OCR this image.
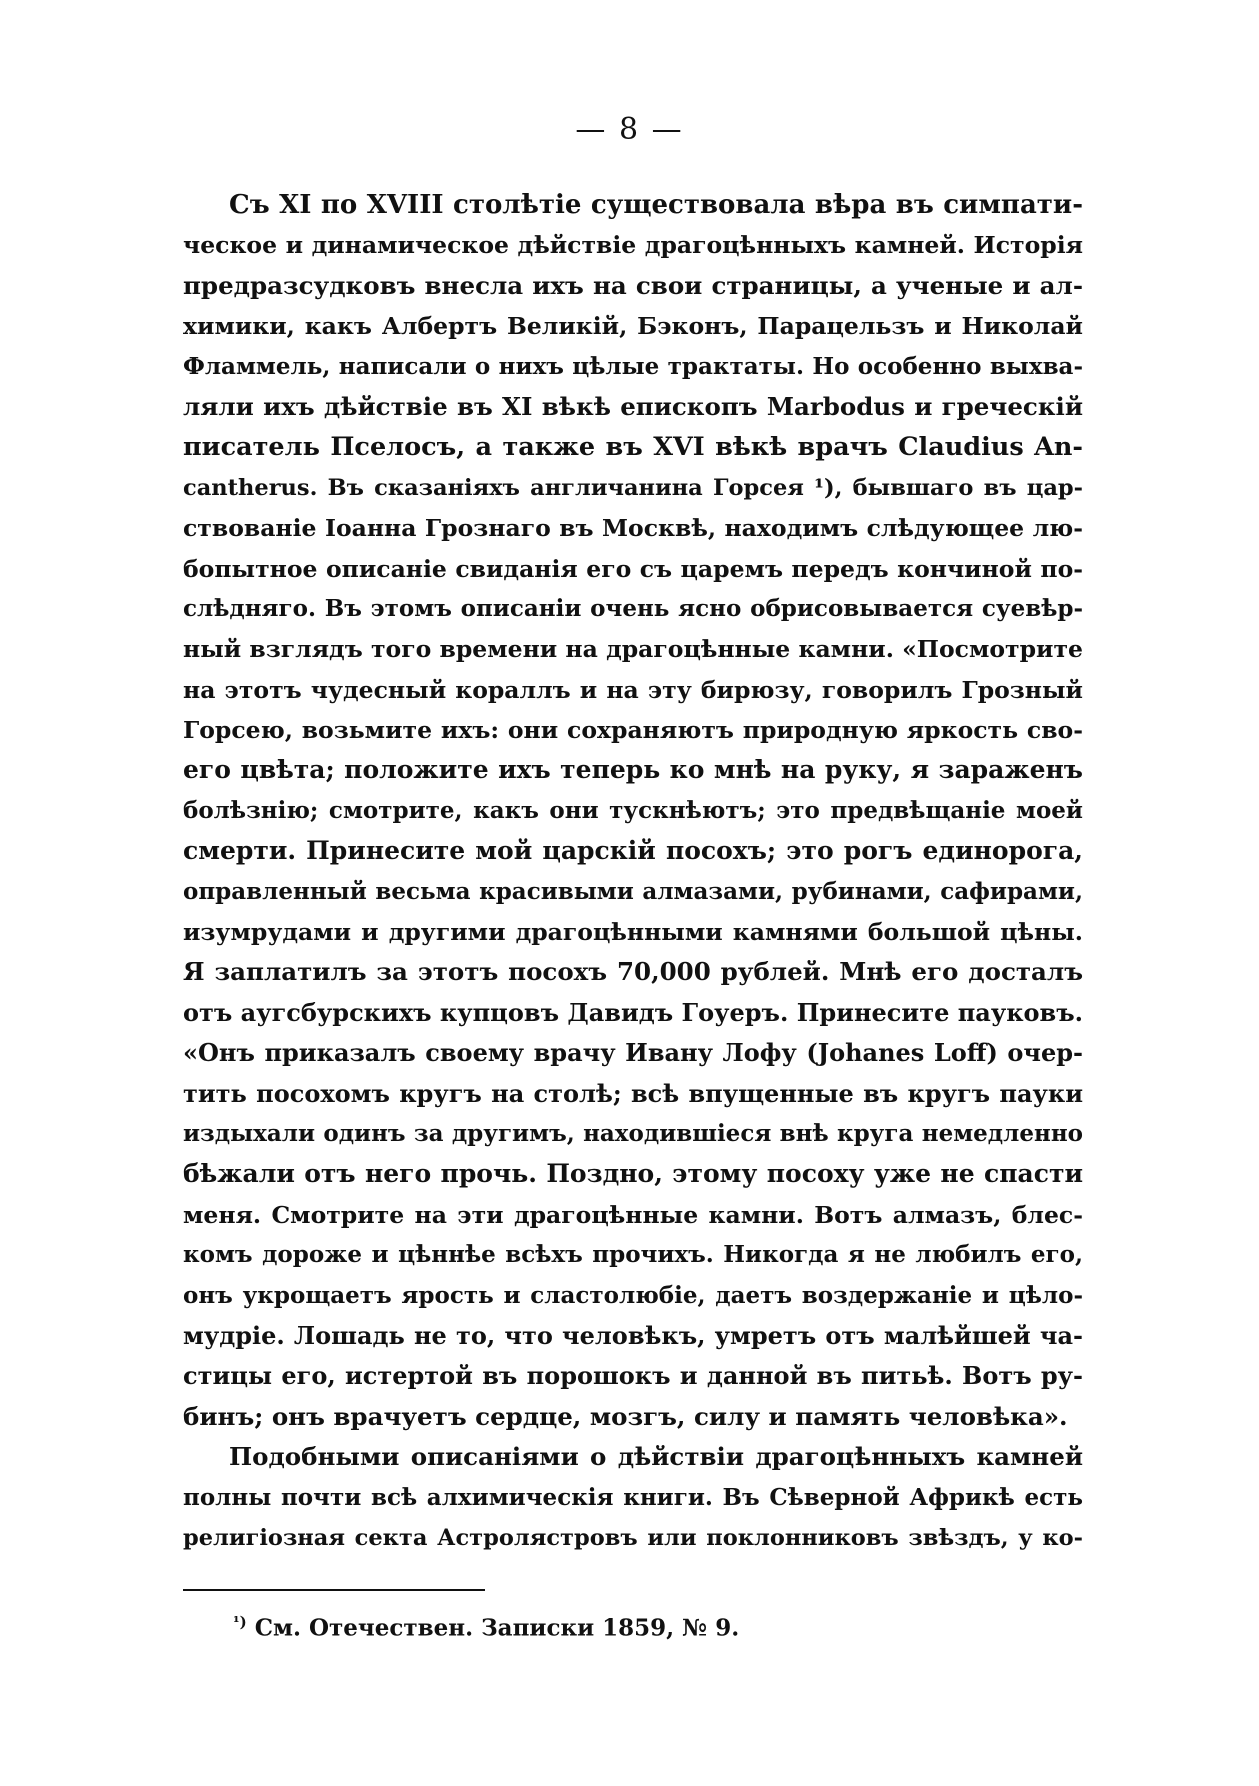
— 8 —
Съ XI по XVIII столѣтіе существовала вѣра въ симпати-
ческое и динамическое дѣйствіе драгоцѣнныхъ камней. Исторія
предразсудковъ внесла ихъ на свои страницы, а ученые и ал-
химики, какъ Албертъ Великій, Бэконъ, Парацельзъ и Николай
Фламмель, написали о нихъ цѣлые трактаты. Но особенно выхва-
ляли ихъ дѣйствіе въ XI вѣкѣ епископъ Marbodus и греческій
писатель Пселосъ, а также въ XVI вѣкѣ врачъ Claudius An-
cantherus. Въ сказаніяхъ англичанина Горсея ¹), бывшаго въ цар-
ствованіе Іоанна Грознаго въ Москвѣ, находимъ слѣдующее лю-
бопытное описаніе свиданія его съ царемъ передъ кончиной по-
слѣдняго. Въ этомъ описаніи очень ясно обрисовывается суевѣр-
ный взглядъ того времени на драгоцѣнные камни. «Посмотрите
на этотъ чудесный кораллъ и на эту бирюзу, говорилъ Грозный
Горсею, возьмите ихъ: они сохраняютъ природную яркость сво-
его цвѣта; положите ихъ теперь ко мнѣ на руку, я зараженъ
болѣзнію; смотрите, какъ они тускнѣютъ; это предвѣщаніе моей
смерти. Принесите мой царскій посохъ; это рогъ единорога,
оправленный весьма красивыми алмазами, рубинами, сафирами,
изумрудами и другими драгоцѣнными камнями большой цѣны.
Я заплатилъ за этотъ посохъ 70,000 рублей. Мнѣ его досталъ
отъ аугсбурскихъ купцовъ Давидъ Гоуеръ. Принесите пауковъ.
«Онъ приказалъ своему врачу Ивану Лофу (Johanes Loff) очер-
тить посохомъ кругъ на столѣ; всѣ впущенные въ кругъ пауки
издыхали одинъ за другимъ, находившіеся внѣ круга немедленно
бѣжали отъ него прочь. Поздно, этому посоху уже не спасти
меня. Смотрите на эти драгоцѣнные камни. Вотъ алмазъ, блес-
комъ дороже и цѣннѣе всѣхъ прочихъ. Никогда я не любилъ его,
онъ укрощаетъ ярость и сластолюбіе, даетъ воздержаніе и цѣло-
мудріе. Лошадь не то, что человѣкъ, умретъ отъ малѣйшей ча-
стицы его, истертой въ порошокъ и данной въ питьѣ. Вотъ ру-
бинъ; онъ врачуетъ сердце, мозгъ, силу и память человѣка».
Подобными описаніями о дѣйствіи драгоцѣнныхъ камней
полны почти всѣ алхимическія книги. Въ Сѣверной Африкѣ есть
религіозная секта Астролястровъ или поклонниковъ звѣздъ, у ко-
$^{^1)}$ См. Отечествен. Записки 1859, № 9.
